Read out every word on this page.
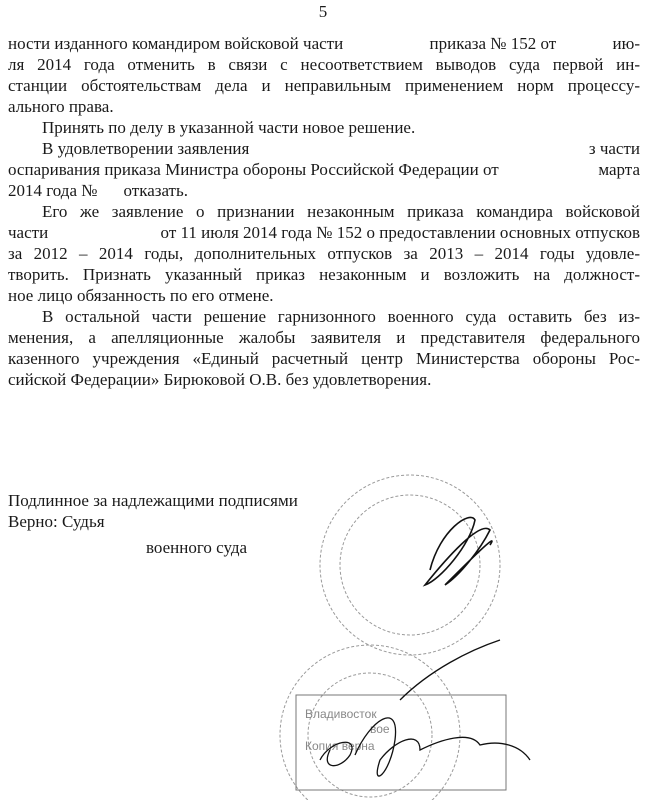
5
ности изданного командиром войсковой части	приказа № 152 от	ию-
ля 2014 года отменить в связи с несоответствием выводов суда первой ин-
станции обстоятельствам дела и неправильным применением норм процессу-
ального права.
Принять по делу в указанной части новое решение.
В удовлетворении заявления	з части
оспаривания приказа Министра обороны Российской Федерации от	марта
2014 года № отказать.
Его же заявление о признании незаконным приказа командира войсковой
части	от 11 июля 2014 года № 152 о предоставлении основных отпусков
за 2012 – 2014 годы, дополнительных отпусков за 2013 – 2014 годы удовле-
творить. Признать указанный приказ незаконным и возложить на должност-
ное лицо обязанность по его отмене.
В остальной части решение гарнизонного военного суда оставить без из-
менения, а апелляционные жалобы заявителя и представителя федерального
казенного учреждения «Единый расчетный центр Министерства обороны Рос-
сийской Федерации» Бирюковой О.В. без удовлетворения.
Владивосток
вое
Копия верна
Подлинное за надлежащими подписями
Верно: Судья
военного суда
